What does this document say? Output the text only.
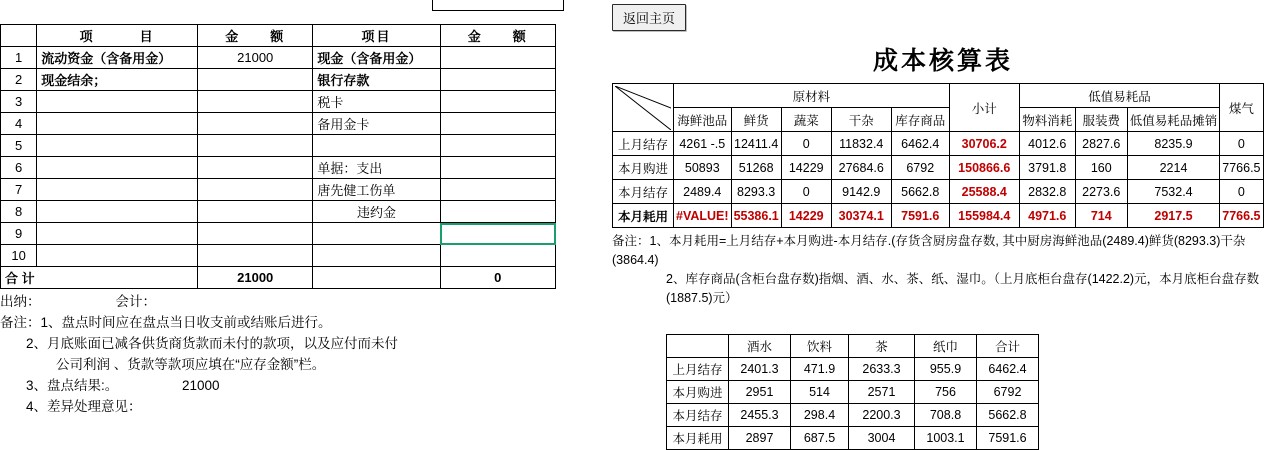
	项　　　目	金　　额	项目	金　　额
1	流动资金（含备用金）	21000	现金（含备用金）	
2	现金结余；		银行存款	
3			税卡	
4			备用金卡	
5				
6			单据：支出	
7			唐先健工伤单	
8			违约金	
9				
10				
合 计		21000		0
出纳：                    会计：
备注：1、盘点时间应在盘点当日收支前或结账后进行。
2、月底账面已减各供货商货款而未付的款项，以及应付而未付
公司利润 、货款等款项应填在“应存金额”栏。
3、盘点结果:。                 21000
4、差异处理意见：
返回主页
成本核算表
	原材料					小计	低值易耗品			煤气
	海鲜池品	鲜货	蔬菜	干杂	库存商品		物料消耗	服装费	低值易耗品摊销	
上月结存	4261 -.5	12411.4	0	11832.4	6462.4	30706.2	4012.6	2827.6	8235.9	0
本月购进	50893	51268	14229	27684.6	6792	150866.6	3791.8	160	2214	7766.5
本月结存	2489.4	8293.3	0	9142.9	5662.8	25588.4	2832.8	2273.6	7532.4	0
本月耗用	#VALUE!	55386.1	14229	30374.1	7591.6	155984.4	4971.6	714	2917.5	7766.5
备注：1、本月耗用=上月结存+本月购进-本月结存.(存货含厨房盘存数, 其中厨房海鲜池品(2489.4)鲜货(8293.3)干杂(3864.4)
2、库存商品(含柜台盘存数)指烟、酒、水、茶、纸、湿巾。（上月底柜台盘存(1422.2)元，本月底柜台盘存数(1887.5)元）
	酒水	饮料	茶	纸巾	合计
上月结存	2401.3	471.9	2633.3	955.9	6462.4
本月购进	2951	514	2571	756	6792
本月结存	2455.3	298.4	2200.3	708.8	5662.8
本月耗用	2897	687.5	3004	1003.1	7591.6
